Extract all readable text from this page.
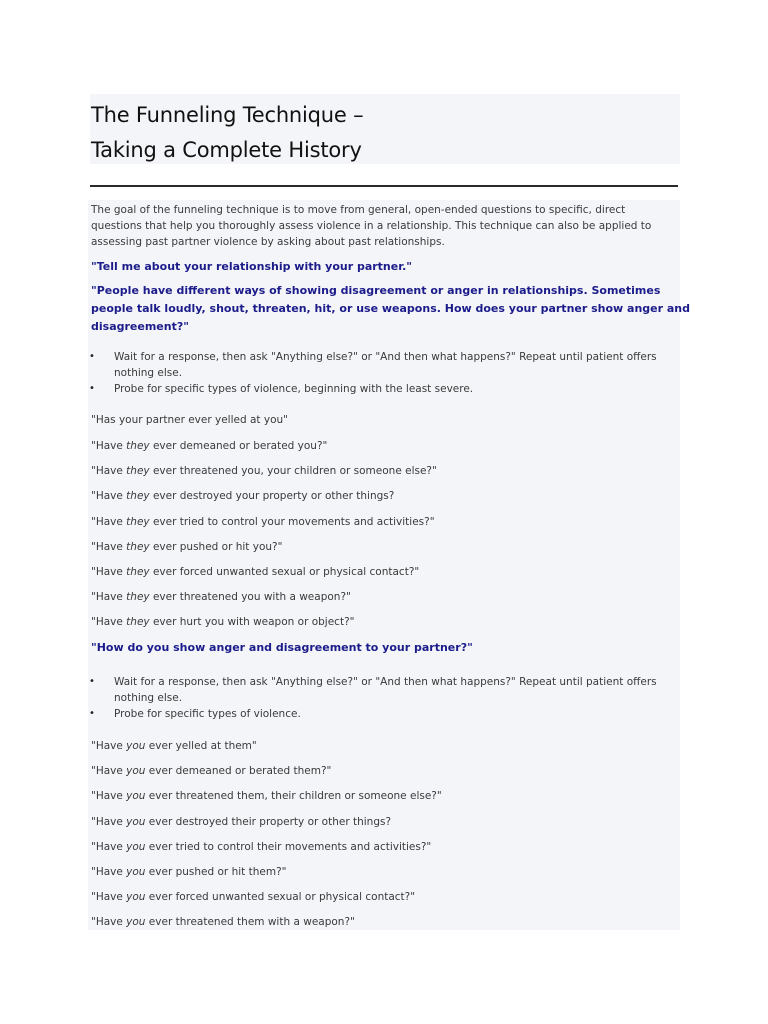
The Funneling Technique –
Taking a Complete History
The goal of the funneling technique is to move from general, open-ended questions to specific, direct
questions that help you thoroughly assess violence in a relationship. This technique can also be applied to
assessing past partner violence by asking about past relationships.
"Tell me about your relationship with your partner."
"People have different ways of showing disagreement or anger in relationships. Sometimes
people talk loudly, shout, threaten, hit, or use weapons. How does your partner show anger and
disagreement?"
• Wait for a response, then ask "Anything else?" or "And then what happens?" Repeat until patient offers
nothing else.
• Probe for specific types of violence, beginning with the least severe.
"Has your partner ever yelled at you"
"Have they ever demeaned or berated you?"
"Have they ever threatened you, your children or someone else?"
"Have they ever destroyed your property or other things?
"Have they ever tried to control your movements and activities?"
"Have they ever pushed or hit you?"
"Have they ever forced unwanted sexual or physical contact?"
"Have they ever threatened you with a weapon?"
"Have they ever hurt you with weapon or object?"
"How do you show anger and disagreement to your partner?"
• Wait for a response, then ask "Anything else?" or "And then what happens?" Repeat until patient offers
nothing else.
• Probe for specific types of violence.
"Have you ever yelled at them"
"Have you ever demeaned or berated them?"
"Have you ever threatened them, their children or someone else?"
"Have you ever destroyed their property or other things?
"Have you ever tried to control their movements and activities?"
"Have you ever pushed or hit them?"
"Have you ever forced unwanted sexual or physical contact?"
"Have you ever threatened them with a weapon?"
